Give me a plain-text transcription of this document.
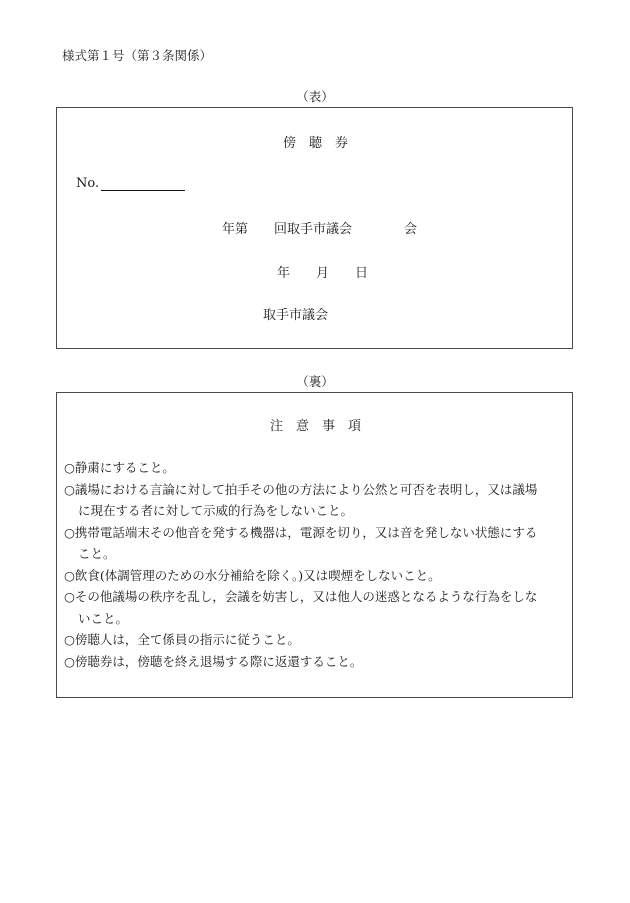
様式第１号（第３条関係）
（表）
傍　聴　券
No.
年第　　回取手市議会　　　　会
年　　月　　日
取手市議会
（裏）
注　意　事　項
○静粛にすること。
○議場における言論に対して拍手その他の方法により公然と可否を表明し，又は議場
に現在する者に対して示威的行為をしないこと。
○携帯電話端末その他音を発する機器は，電源を切り，又は音を発しない状態にする
こと。
○飲食(体調管理のための水分補給を除く。)又は喫煙をしないこと。
○その他議場の秩序を乱し，会議を妨害し，又は他人の迷惑となるような行為をしな
いこと。
○傍聴人は，全て係員の指示に従うこと。
○傍聴券は，傍聴を終え退場する際に返還すること。
